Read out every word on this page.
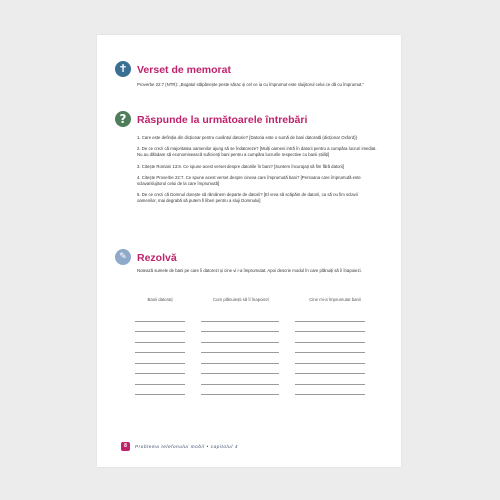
✝ Verset de memorat
Proverbe 22:7 (NTR): „Bogatul stăpânește peste sărac și cel ce ia cu împrumut este sluijitorul celui ce dă cu împrumut.”
?	Răspunde la următoarele întrebări
1. Care este definiția din dicționar pentru cuvântul datorie? [Datoria este o sumă de bani datorată (dicționar Oxford)]
2. De ce crezi că majoritatea oamenilor ajung să se îndatoreze? [Mulți oameni intră în datorii pentru a cumpăra lucruri imediat. Nu au dăbdare să economisească suficienți bani pentru a cumpăra lucrurile respective cu banii știiliți]
3. Citește Romani 13:8. Ce spune acest verset despre datoriile în bani? [Suntem încurajați să fim fără datorii]
4. Citește Proverbe 22:7. Ce spune acest verset despre cineva care împrumută bani? [Persoana care împrumută este sclava/slujitorul celui de la care împrumută]
5. De ce crezi că Domnul dorește să rămânem departe de datorii? [El vrea să scăpăm de datorii, ca să nu fim sclavii oamenilor, mai degrabă să putem fi liberi pentru a sluji Domnului]
✎ Rezolvă
Notează sumele de bani pe care îi datorezi și cine vi i-a împrumutat. Apoi descrie modul în care plănuiți să îi înapoiezi.
Banii datorați	Cum plănuiești să îi înapoiezi	Cine mi-a împrumutat banii
8	Problema telefonului mobil • capitolul 4
